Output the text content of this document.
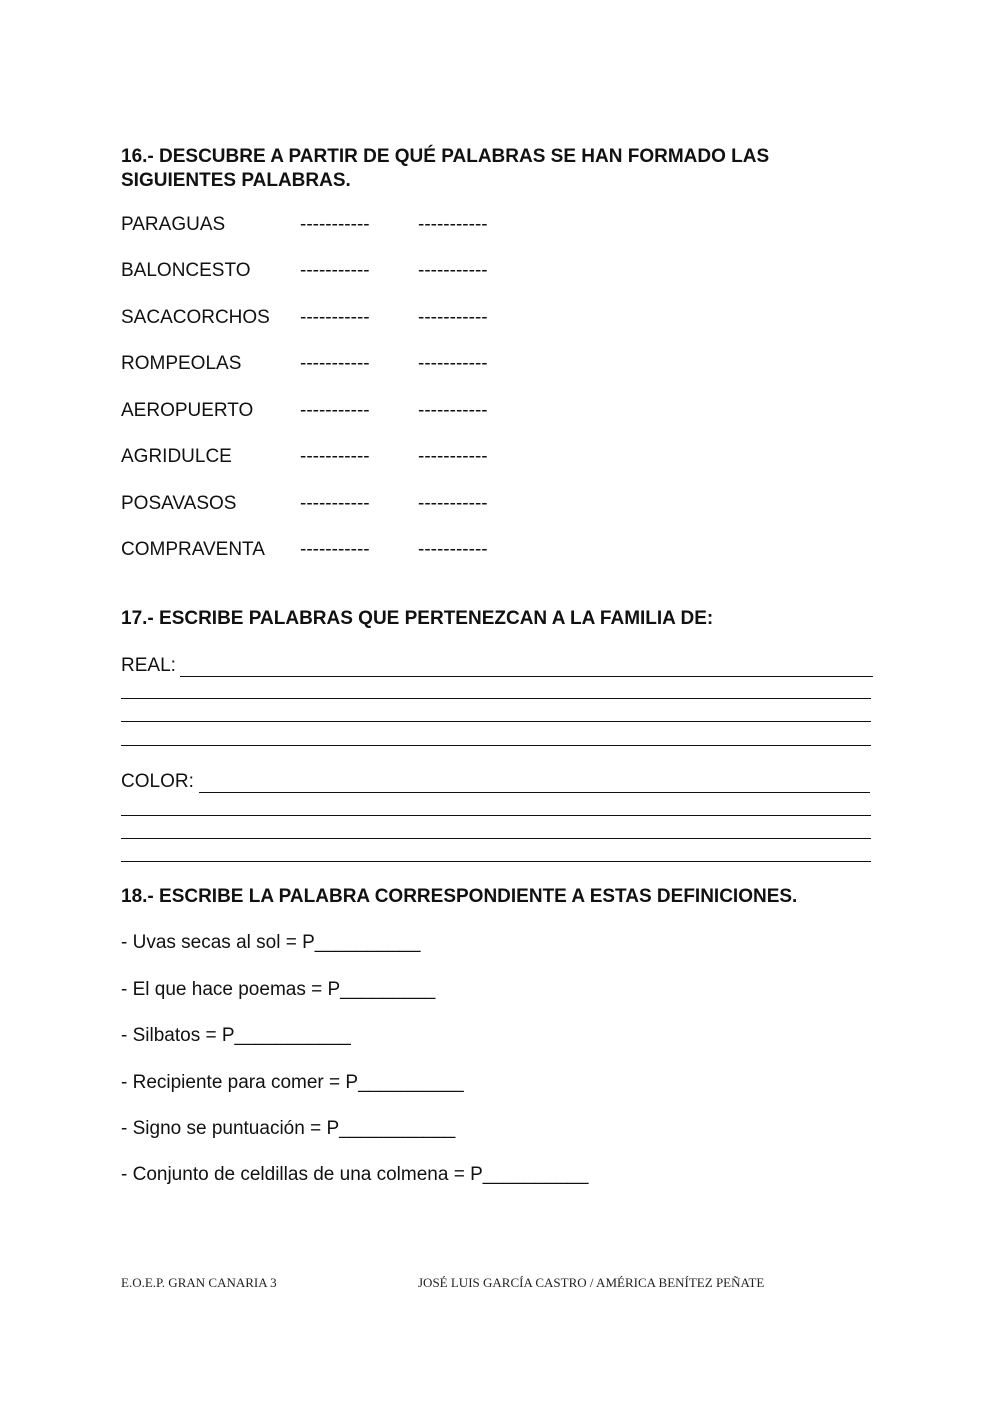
16.- DESCUBRE A PARTIR DE QUÉ PALABRAS SE HAN FORMADO LAS
SIGUIENTES PALABRAS.
PARAGUAS
BALONCESTO
SACACORCHOS
ROMPEOLAS
AEROPUERTO
AGRIDULCE
POSAVASOS
COMPRAVENTA
-----------
-----------
-----------
-----------
-----------
-----------
-----------
-----------
-----------
-----------
-----------
-----------
-----------
-----------
-----------
-----------
17.- ESCRIBE PALABRAS QUE PERTENEZCAN A LA FAMILIA DE:
REAL:
COLOR:
18.- ESCRIBE LA PALABRA CORRESPONDIENTE A ESTAS DEFINICIONES.
- Uvas secas al sol = P__________
- El que hace poemas = P_________
- Silbatos = P___________
- Recipiente para comer = P__________
- Signo se puntuación = P___________
- Conjunto de celdillas de una colmena = P__________
E.O.E.P. GRAN CANARIA 3	JOSÉ LUIS GARCÍA CASTRO / AMÉRICA BENÍTEZ PEÑATE
